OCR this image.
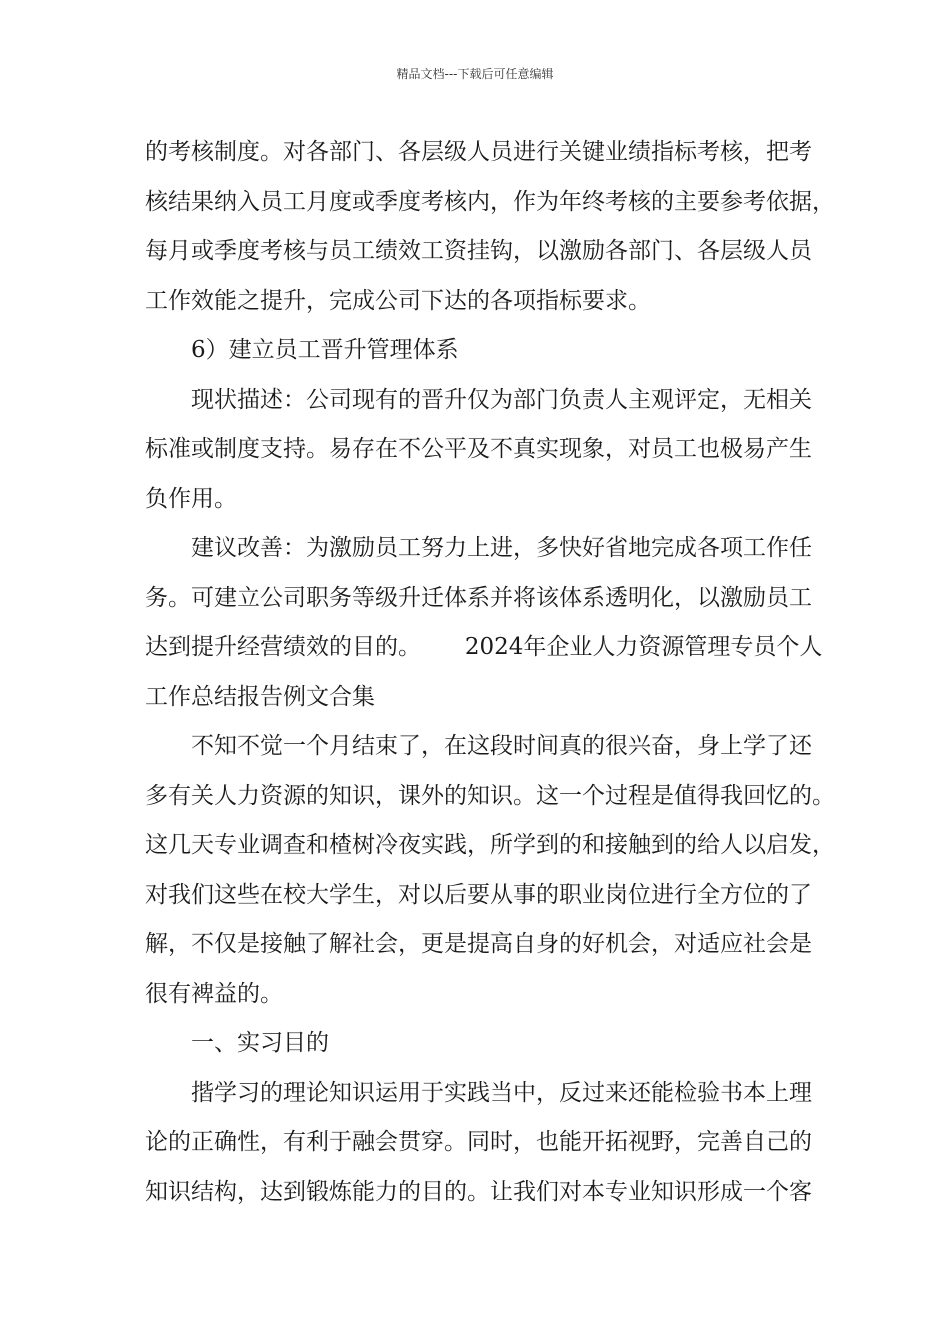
精品文档---下载后可任意编辑
的考核制度。对各部门、各层级人员进行关键业绩指标考核，把考
核结果纳入员工月度或季度考核内，作为年终考核的主要参考依据，
每月或季度考核与员工绩效工资挂钩，以激励各部门、各层级人员
工作效能之提升，完成公司下达的各项指标要求。
6）建立员工晋升管理体系
现状描述：公司现有的晋升仅为部门负责人主观评定，无相关
标准或制度支持。易存在不公平及不真实现象，对员工也极易产生
负作用。
建议改善：为激励员工努力上进，多快好省地完成各项工作任
务。可建立公司职务等级升迁体系并将该体系透明化，以激励员工
达到提升经营绩效的目的。      2024年企业人力资源管理专员个人
工作总结报告例文合集
不知不觉一个月结束了，在这段时间真的很兴奋，身上学了还
多有关人力资源的知识，课外的知识。这一个过程是值得我回忆的。
这几天专业调查和楂树冷夜实践，所学到的和接触到的给人以启发，
对我们这些在校大学生，对以后要从事的职业岗位进行全方位的了
解，不仅是接触了解社会，更是提高自身的好机会，对适应社会是
很有裨益的。
一、实习目的
揩学习的理论知识运用于实践当中，反过来还能检验书本上理
论的正确性，有利于融会贯穿。同时，也能开拓视野，完善自己的
知识结构，达到锻炼能力的目的。让我们对本专业知识形成一个客
